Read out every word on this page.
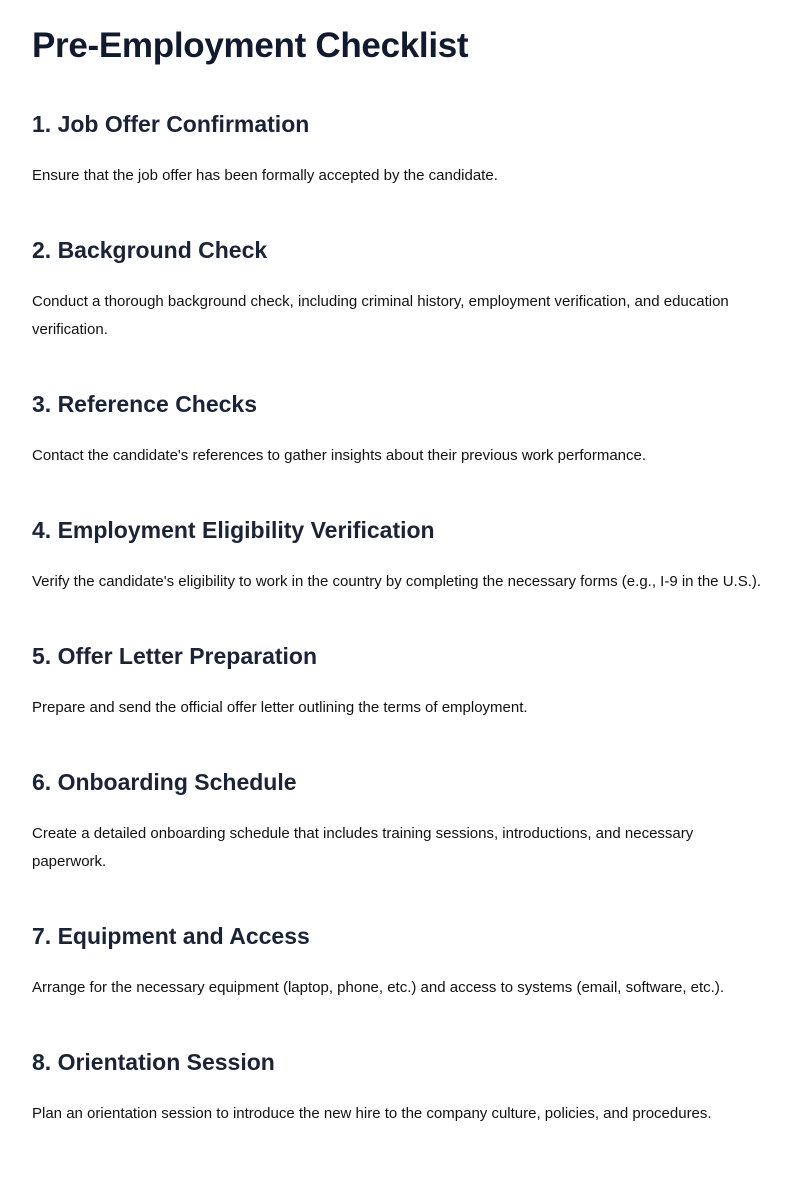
Pre-Employment Checklist
1. Job Offer Confirmation

Ensure that the job offer has been formally accepted by the candidate.

2. Background Check

Conduct a thorough background check, including criminal history, employment verification, and education verification.

3. Reference Checks

Contact the candidate's references to gather insights about their previous work performance.

4. Employment Eligibility Verification

Verify the candidate's eligibility to work in the country by completing the necessary forms (e.g., I-9 in the U.S.).

5. Offer Letter Preparation

Prepare and send the official offer letter outlining the terms of employment.

6. Onboarding Schedule

Create a detailed onboarding schedule that includes training sessions, introductions, and necessary paperwork.

7. Equipment and Access

Arrange for the necessary equipment (laptop, phone, etc.) and access to systems (email, software, etc.).

8. Orientation Session

Plan an orientation session to introduce the new hire to the company culture, policies, and procedures.
